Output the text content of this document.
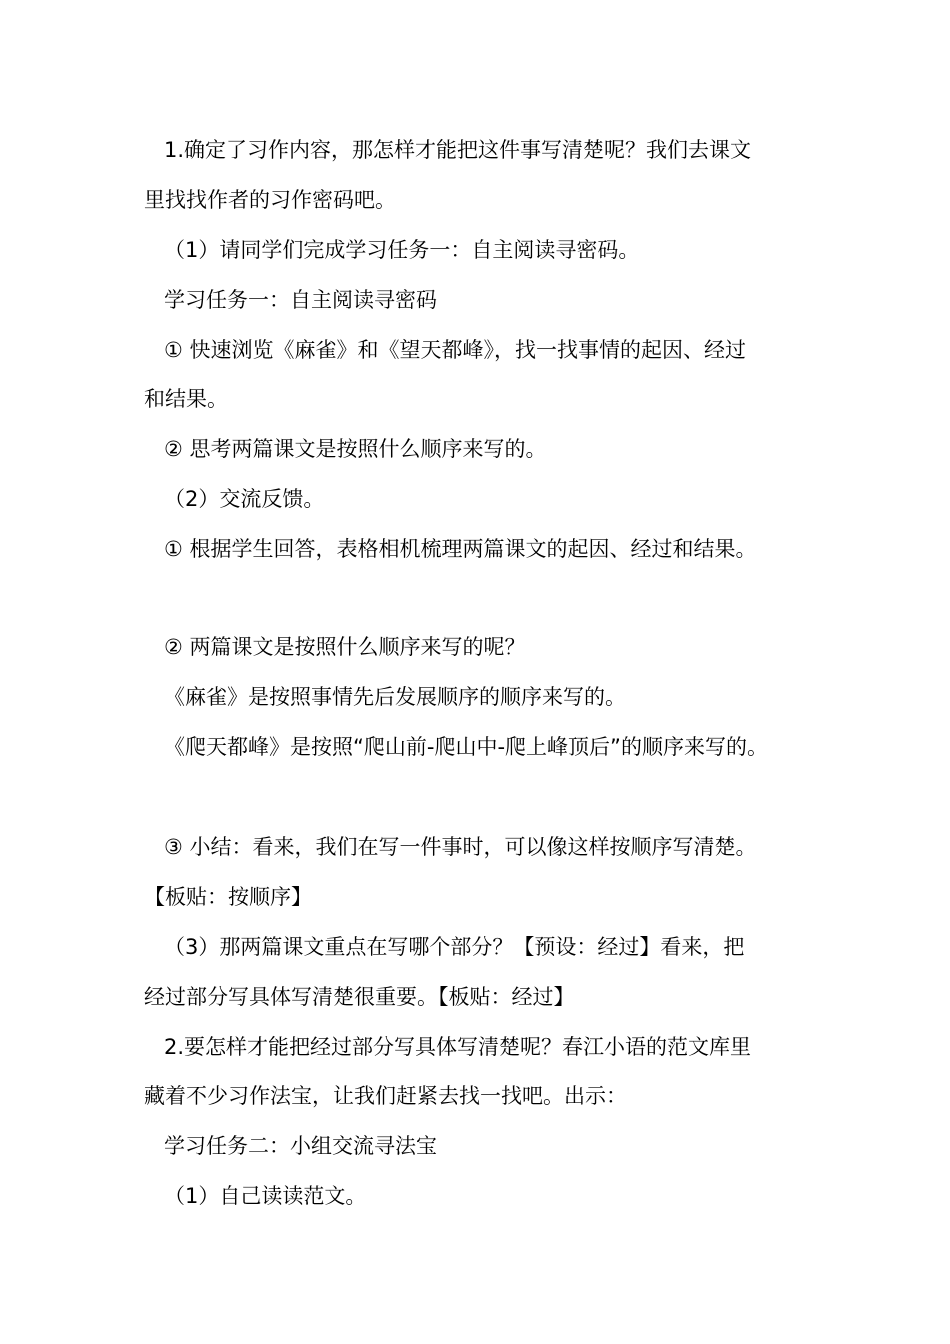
1.确定了习作内容，那怎样才能把这件事写清楚呢？我们去课文
里找找作者的习作密码吧。
（1）请同学们完成学习任务一：自主阅读寻密码。
学习任务一：自主阅读寻密码
① 快速浏览《麻雀》和《望天都峰》，找一找事情的起因、经过
和结果。
② 思考两篇课文是按照什么顺序来写的。
（2）交流反馈。
① 根据学生回答，表格相机梳理两篇课文的起因、经过和结果。
② 两篇课文是按照什么顺序来写的呢？
《麻雀》是按照事情先后发展顺序的顺序来写的。
《爬天都峰》是按照“爬山前-爬山中-爬上峰顶后”的顺序来写的。
③ 小结：看来，我们在写一件事时，可以像这样按顺序写清楚。
【板贴：按顺序】
（3）那两篇课文重点在写哪个部分？【预设：经过】看来，把
经过部分写具体写清楚很重要。【板贴：经过】
2.要怎样才能把经过部分写具体写清楚呢？春江小语的范文库里
藏着不少习作法宝，让我们赶紧去找一找吧。出示：
学习任务二：小组交流寻法宝
（1）自己读读范文。
